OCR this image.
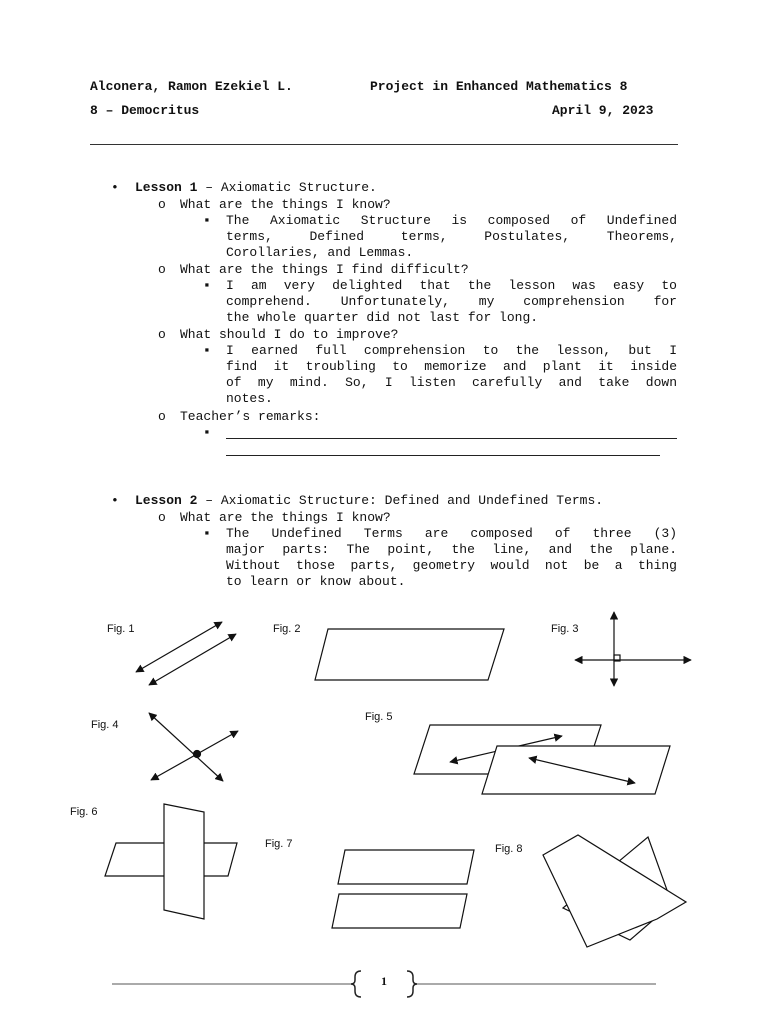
Alconera, Ramon Ezekiel L.	Project in Enhanced Mathematics 8
8 – Democritus	April 9, 2023
• Lesson 1 – Axiomatic Structure.
o What are the things I know?
▪ The Axiomatic Structure is composed of Undefined
terms, Defined terms, Postulates, Theorems,
Corollaries, and Lemmas.
o What are the things I find difficult?
▪ I am very delighted that the lesson was easy to
comprehend. Unfortunately, my comprehension for
the whole quarter did not last for long.
o What should I do to improve?
▪ I earned full comprehension to the lesson, but I
find it troubling to memorize and plant it inside
of my mind. So, I listen carefully and take down
notes.
o Teacher’s remarks:
▪
• Lesson 2 – Axiomatic Structure: Defined and Undefined Terms.
o What are the things I know?
▪ The Undefined Terms are composed of three (3)
major parts: The point, the line, and the plane.
Without those parts, geometry would not be a thing
to learn or know about.
Fig. 1	Fig. 2	Fig. 3
Fig. 4
Fig. 5
Fig. 6
Fig. 7	Fig. 8
1
